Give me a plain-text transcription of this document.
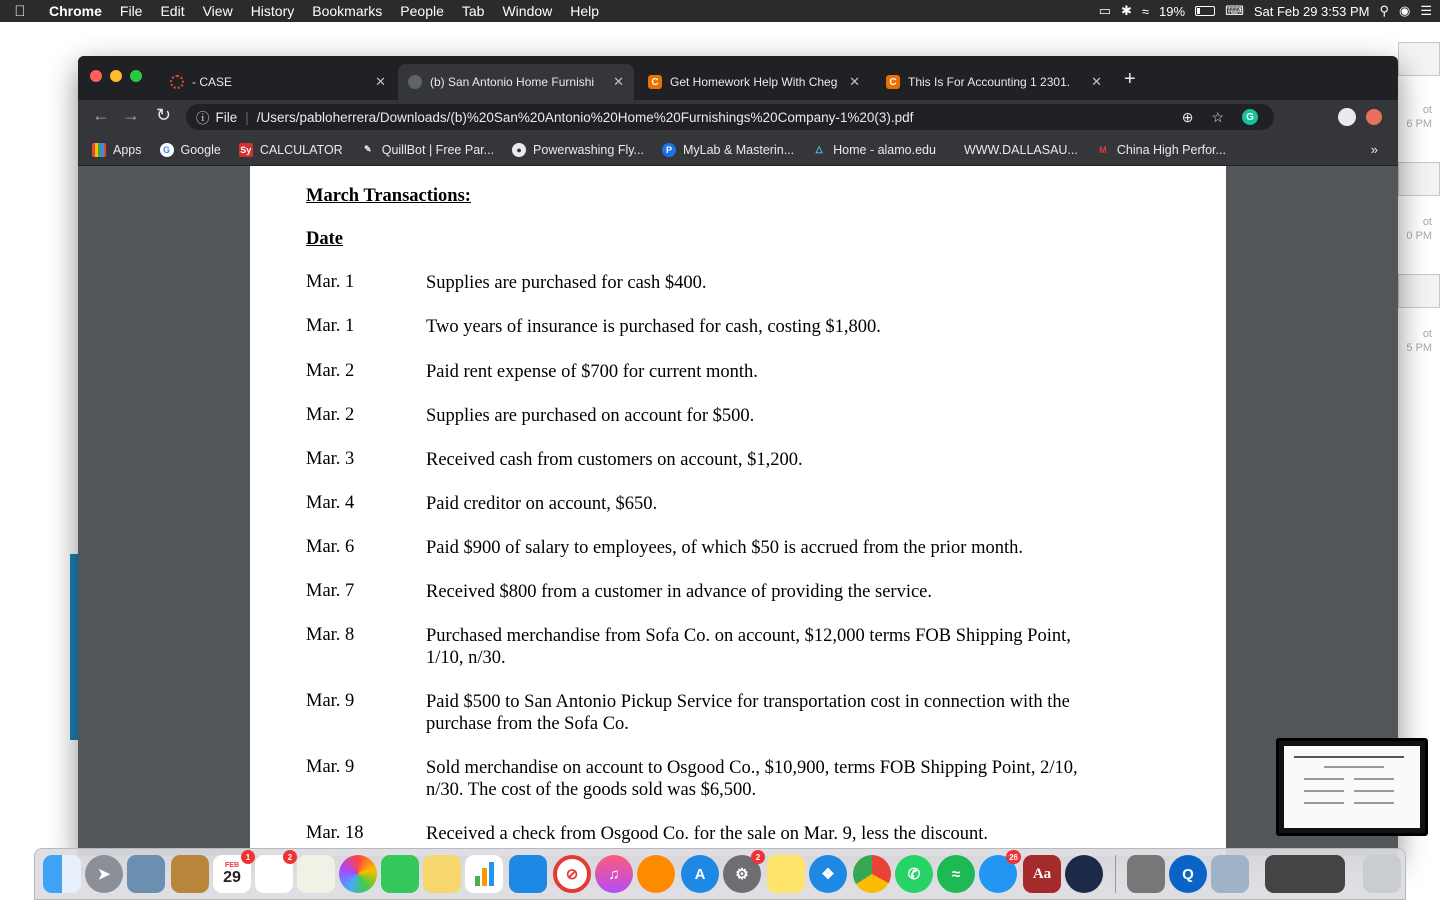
Chrome	File	Edit	View	History	Bookmarks	People	Tab	Window	Help	▭ ✱ ≈ 19%	⌨ Sat Feb 29 3:53 PM ⚲ ◉ ☰
ot
6 PM
ot
0 PM
ot
5 PM
- CASE	✕	(b) San Antonio Home Furnishi	✕	C Get Homework Help With Cheg ✕	C This Is For Accounting 1 2301.	✕ +
← → ↻ ⓘ File | /Users/pabloherrera/Downloads/(b)%20San%20Antonio%20Home%20Furnishings%20Company-1%20(3).pdf	⊕ ☆	G
Apps	G Google Sy CALCULATOR	✎ QuillBot | Free Par...	● Powerwashing Fly...	P MyLab & Masterin...	△ Home - alamo.edu WWW.DALLASAU...	M China High Perfor...	»
March Transactions:
Date
Mar. 1	Supplies are purchased for cash $400.
Mar. 1	Two years of insurance is purchased for cash, costing $1,800.
Mar. 2	Paid rent expense of $700 for current month.
Mar. 2	Supplies are purchased on account for $500.
Mar. 3	Received cash from customers on account, $1,200.
Mar. 4	Paid creditor on account, $650.
Mar. 6	Paid $900 of salary to employees, of which $50 is accrued from the prior month.
Mar. 7	Received $800 from a customer in advance of providing the service.
Mar. 8	Purchased merchandise from Sofa Co. on account, $12,000 terms FOB Shipping Point, 1/10, n/30.
Mar. 9	Paid $500 to San Antonio Pickup Service for transportation cost in connection with the purchase from the Sofa Co.
Mar. 9	Sold merchandise on account to Osgood Co., $10,900, terms FOB Shipping Point, 2/10, n/30. The cost of the goods sold was $6,500.
Mar. 18	Received a check from Osgood Co. for the sale on Mar. 9, less the discount.
➤
FEB
29
1	2
⊘	♫	A	⚙
2
❖	✆	≈
26
Aa	Q
